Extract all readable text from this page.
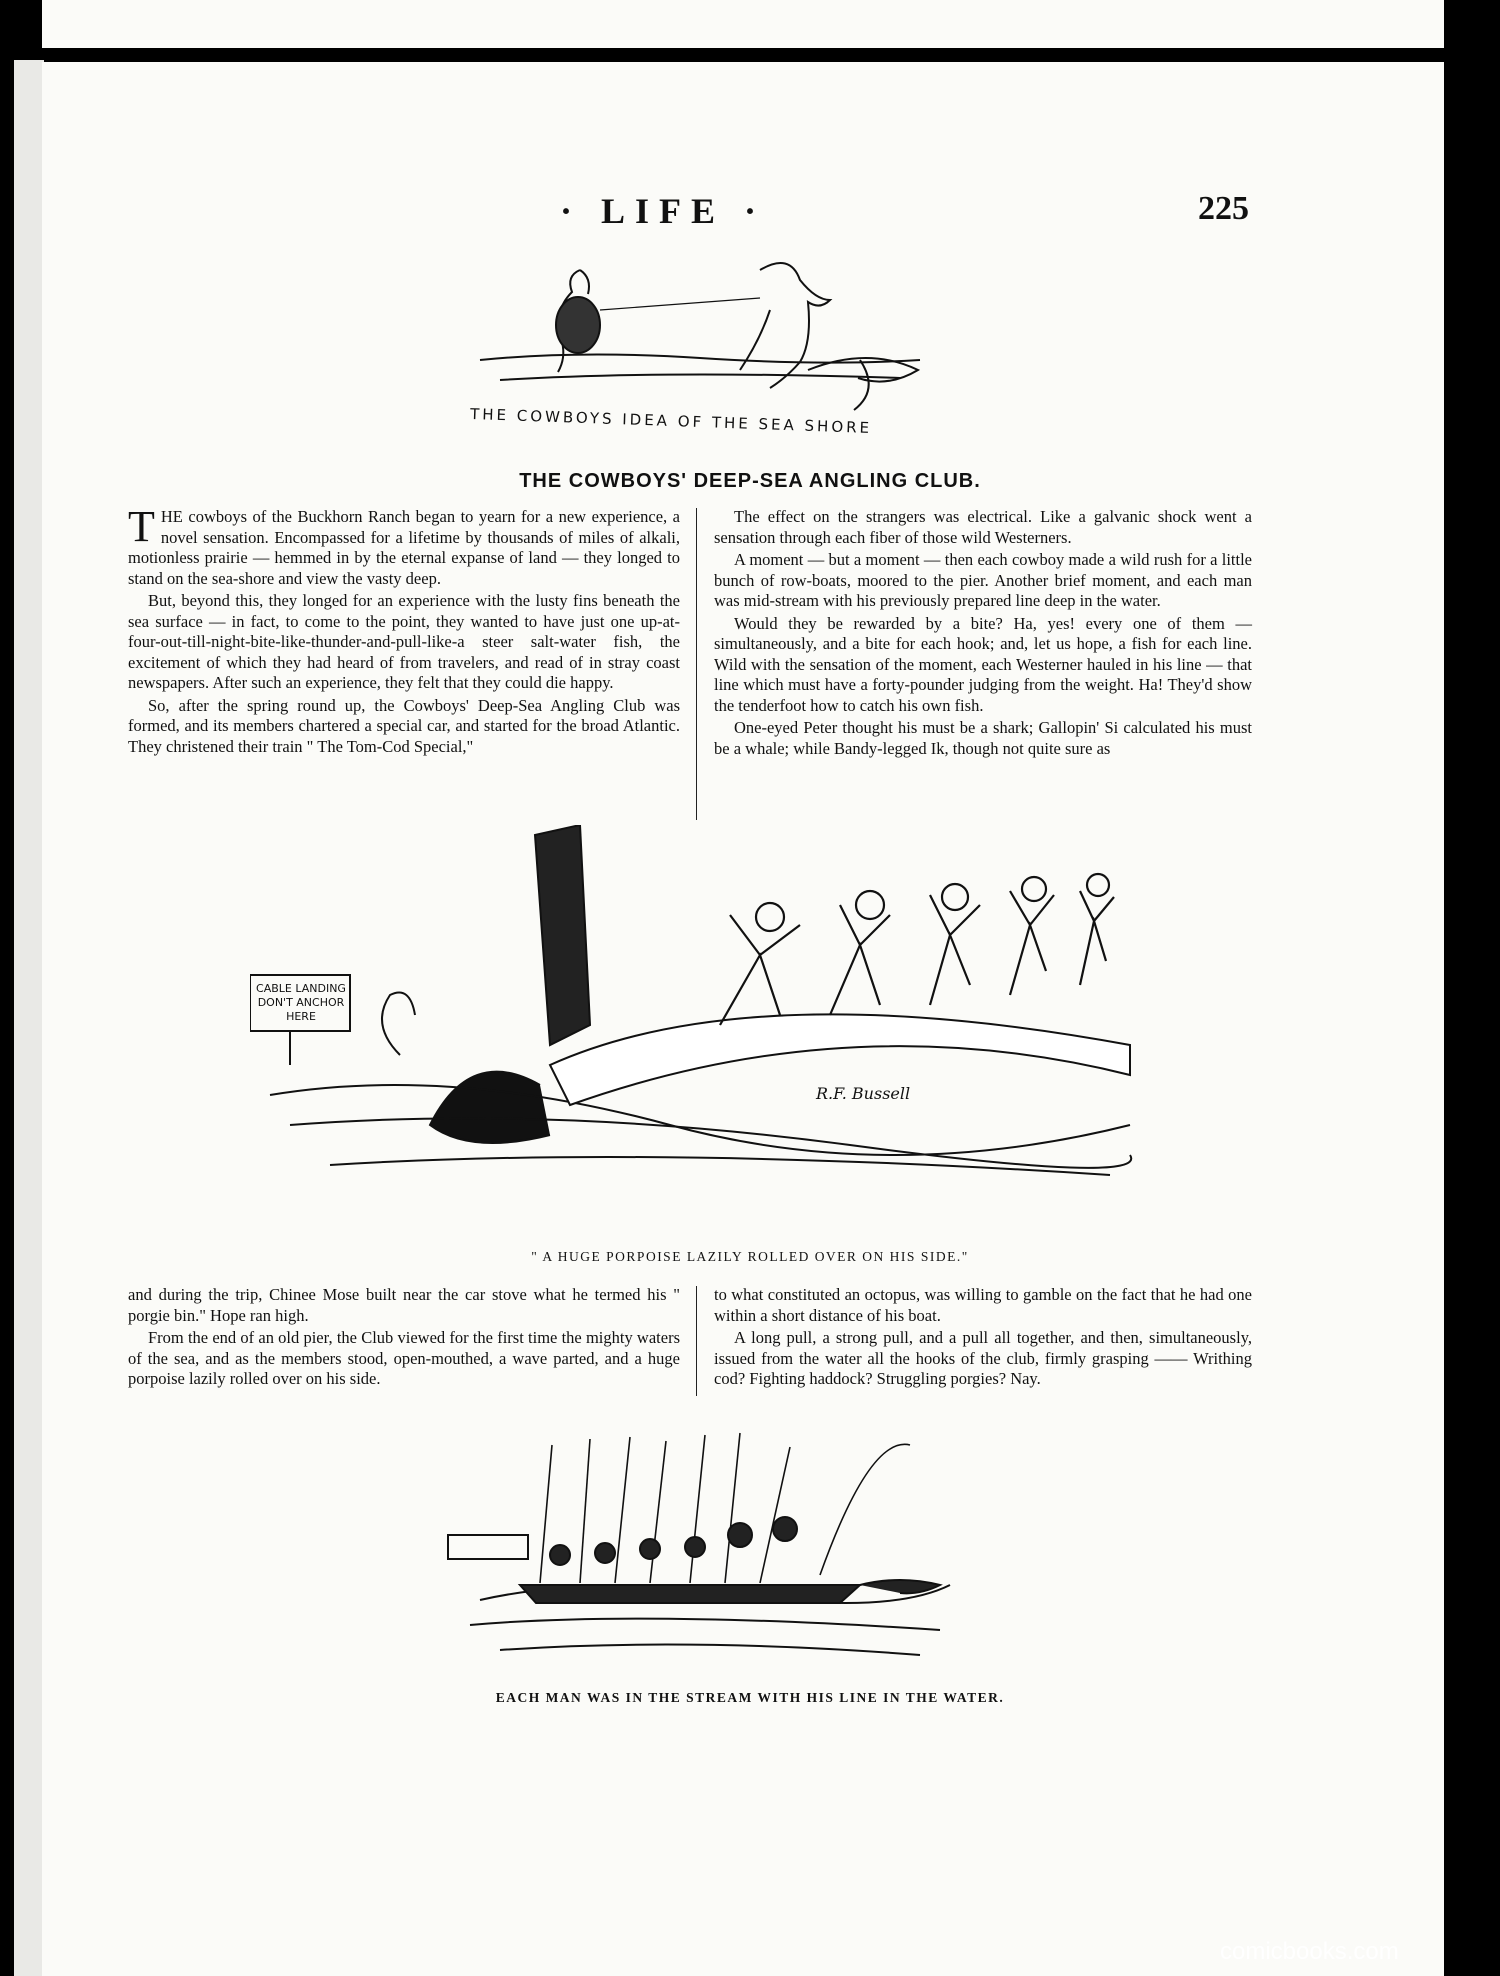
· LIFE ·	225
THE COWBOYS IDEA OF THE SEA SHORE
THE COWBOYS' DEEP-SEA ANGLING CLUB.

THE cowboys of the Buckhorn Ranch began to yearn for a new experience, a novel sensation. Encompassed for a lifetime by thousands of miles of alkali, motionless prairie — hemmed in by the eternal expanse of land — they longed to stand on the sea-shore and view the vasty deep.

But, beyond this, they longed for an experience with the lusty fins beneath the sea surface — in fact, to come to the point, they wanted to have just one up-at-four-out-till-night-bite-like-thunder-and-pull-like-a steer salt-water fish, the excitement of which they had heard of from travelers, and read of in stray coast newspapers. After such an experience, they felt that they could die happy.

So, after the spring round up, the Cowboys' Deep-Sea Angling Club was formed, and its members chartered a special car, and started for the broad Atlantic. They christened their train " The Tom-Cod Special,"

The effect on the strangers was electrical. Like a galvanic shock went a sensation through each fiber of those wild Westerners.

A moment — but a moment — then each cowboy made a wild rush for a little bunch of row-boats, moored to the pier. Another brief moment, and each man was mid-stream with his previously prepared line deep in the water.

Would they be rewarded by a bite? Ha, yes! every one of them — simultaneously, and a bite for each hook; and, let us hope, a fish for each line. Wild with the sensation of the moment, each Westerner hauled in his line — that line which must have a forty-pounder judging from the weight. Ha! They'd show the tenderfoot how to catch his own fish.

One-eyed Peter thought his must be a shark; Gallopin' Si calculated his must be a whale; while Bandy-legged Ik, though not quite sure as

CABLE LANDING DON'T ANCHOR HERE
R.F. Bussell
" A HUGE PORPOISE LAZILY ROLLED OVER ON HIS SIDE."

and during the trip, Chinee Mose built near the car stove what he termed his " porgie bin." Hope ran high.

From the end of an old pier, the Club viewed for the first time the mighty waters of the sea, and as the members stood, open-mouthed, a wave parted, and a huge porpoise lazily rolled over on his side.

to what constituted an octopus, was willing to gamble on the fact that he had one within a short distance of his boat.

A long pull, a strong pull, and a pull all together, and then, simultaneously, issued from the water all the hooks of the club, firmly grasping —— Writhing cod? Fighting haddock? Struggling porgies? Nay.

EACH MAN WAS IN THE STREAM WITH HIS LINE IN THE WATER.
comicbooks.com
